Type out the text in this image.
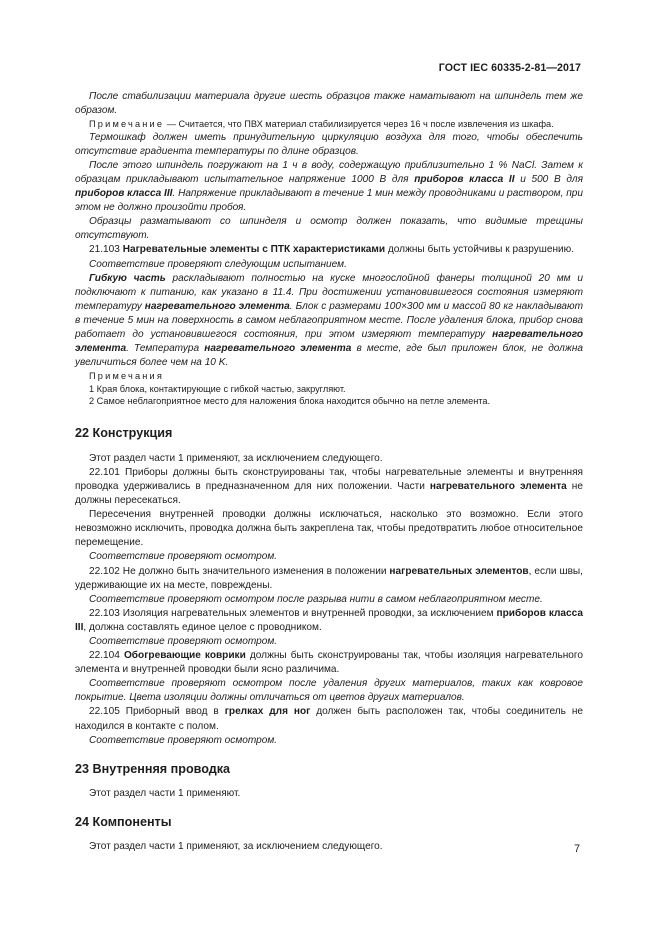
ГОСТ IEC 60335-2-81—2017

После стабилизации материала другие шесть образцов также наматывают на шпиндель тем же образом.

Примечание — Считается, что ПВХ материал стабилизируется через 16 ч после извлечения из шкафа.

Термошкаф должен иметь принудительную циркуляцию воздуха для того, чтобы обеспечить отсутствие градиента температуры по длине образцов.

После этого шпиндель погружают на 1 ч в воду, содержащую приблизительно 1 % NaCl. Затем к образцам прикладывают испытательное напряжение 1000 В для приборов класса II и 500 В для приборов класса III. Напряжение прикладывают в течение 1 мин между проводниками и раствором, при этом не должно произойти пробоя.

Образцы разматывают со шпинделя и осмотр должен показать, что видимые трещины отсутствуют.

21.103 Нагревательные элементы с ПТК характеристиками должны быть устойчивы к разрушению.

Соответствие проверяют следующим испытанием.

Гибкую часть раскладывают полностью на куске многослойной фанеры толщиной 20 мм и подключают к питанию, как указано в 11.4. При достижении установившегося состояния измеряют температуру нагревательного элемента. Блок с размерами 100×300 мм и массой 80 кг накладывают в течение 5 мин на поверхность в самом неблагоприятном месте. После удаления блока, прибор снова работает до установившегося состояния, при этом измеряют температуру нагревательного элемента. Температура нагревательного элемента в месте, где был приложен блок, не должна увеличиться более чем на 10 K.

Примечания

1 Края блока, контактирующие с гибкой частью, закругляют.

2 Самое неблагоприятное место для наложения блока находится обычно на петле элемента.

22 Конструкция

Этот раздел части 1 применяют, за исключением следующего.

22.101 Приборы должны быть сконструированы так, чтобы нагревательные элементы и внутренняя проводка удерживались в предназначенном для них положении. Части нагревательного элемента не должны пересекаться.

Пересечения внутренней проводки должны исключаться, насколько это возможно. Если этого невозможно исключить, проводка должна быть закреплена так, чтобы предотвратить любое относительное перемещение.

Соответствие проверяют осмотром.

22.102 Не должно быть значительного изменения в положении нагревательных элементов, если швы, удерживающие их на месте, повреждены.

Соответствие проверяют осмотром после разрыва нити в самом неблагоприятном месте.

22.103 Изоляция нагревательных элементов и внутренней проводки, за исключением приборов класса III, должна составлять единое целое с проводником.

Соответствие проверяют осмотром.

22.104 Обогревающие коврики должны быть сконструированы так, чтобы изоляция нагревательного элемента и внутренней проводки были ясно различима.

Соответствие проверяют осмотром после удаления других материалов, таких как ковровое покрытие. Цвета изоляции должны отличаться от цветов других материалов.

22.105 Приборный ввод в грелках для ног должен быть расположен так, чтобы соединитель не находился в контакте с полом.

Соответствие проверяют осмотром.

23 Внутренняя проводка

Этот раздел части 1 применяют.

24 Компоненты

Этот раздел части 1 применяют, за исключением следующего.	7
